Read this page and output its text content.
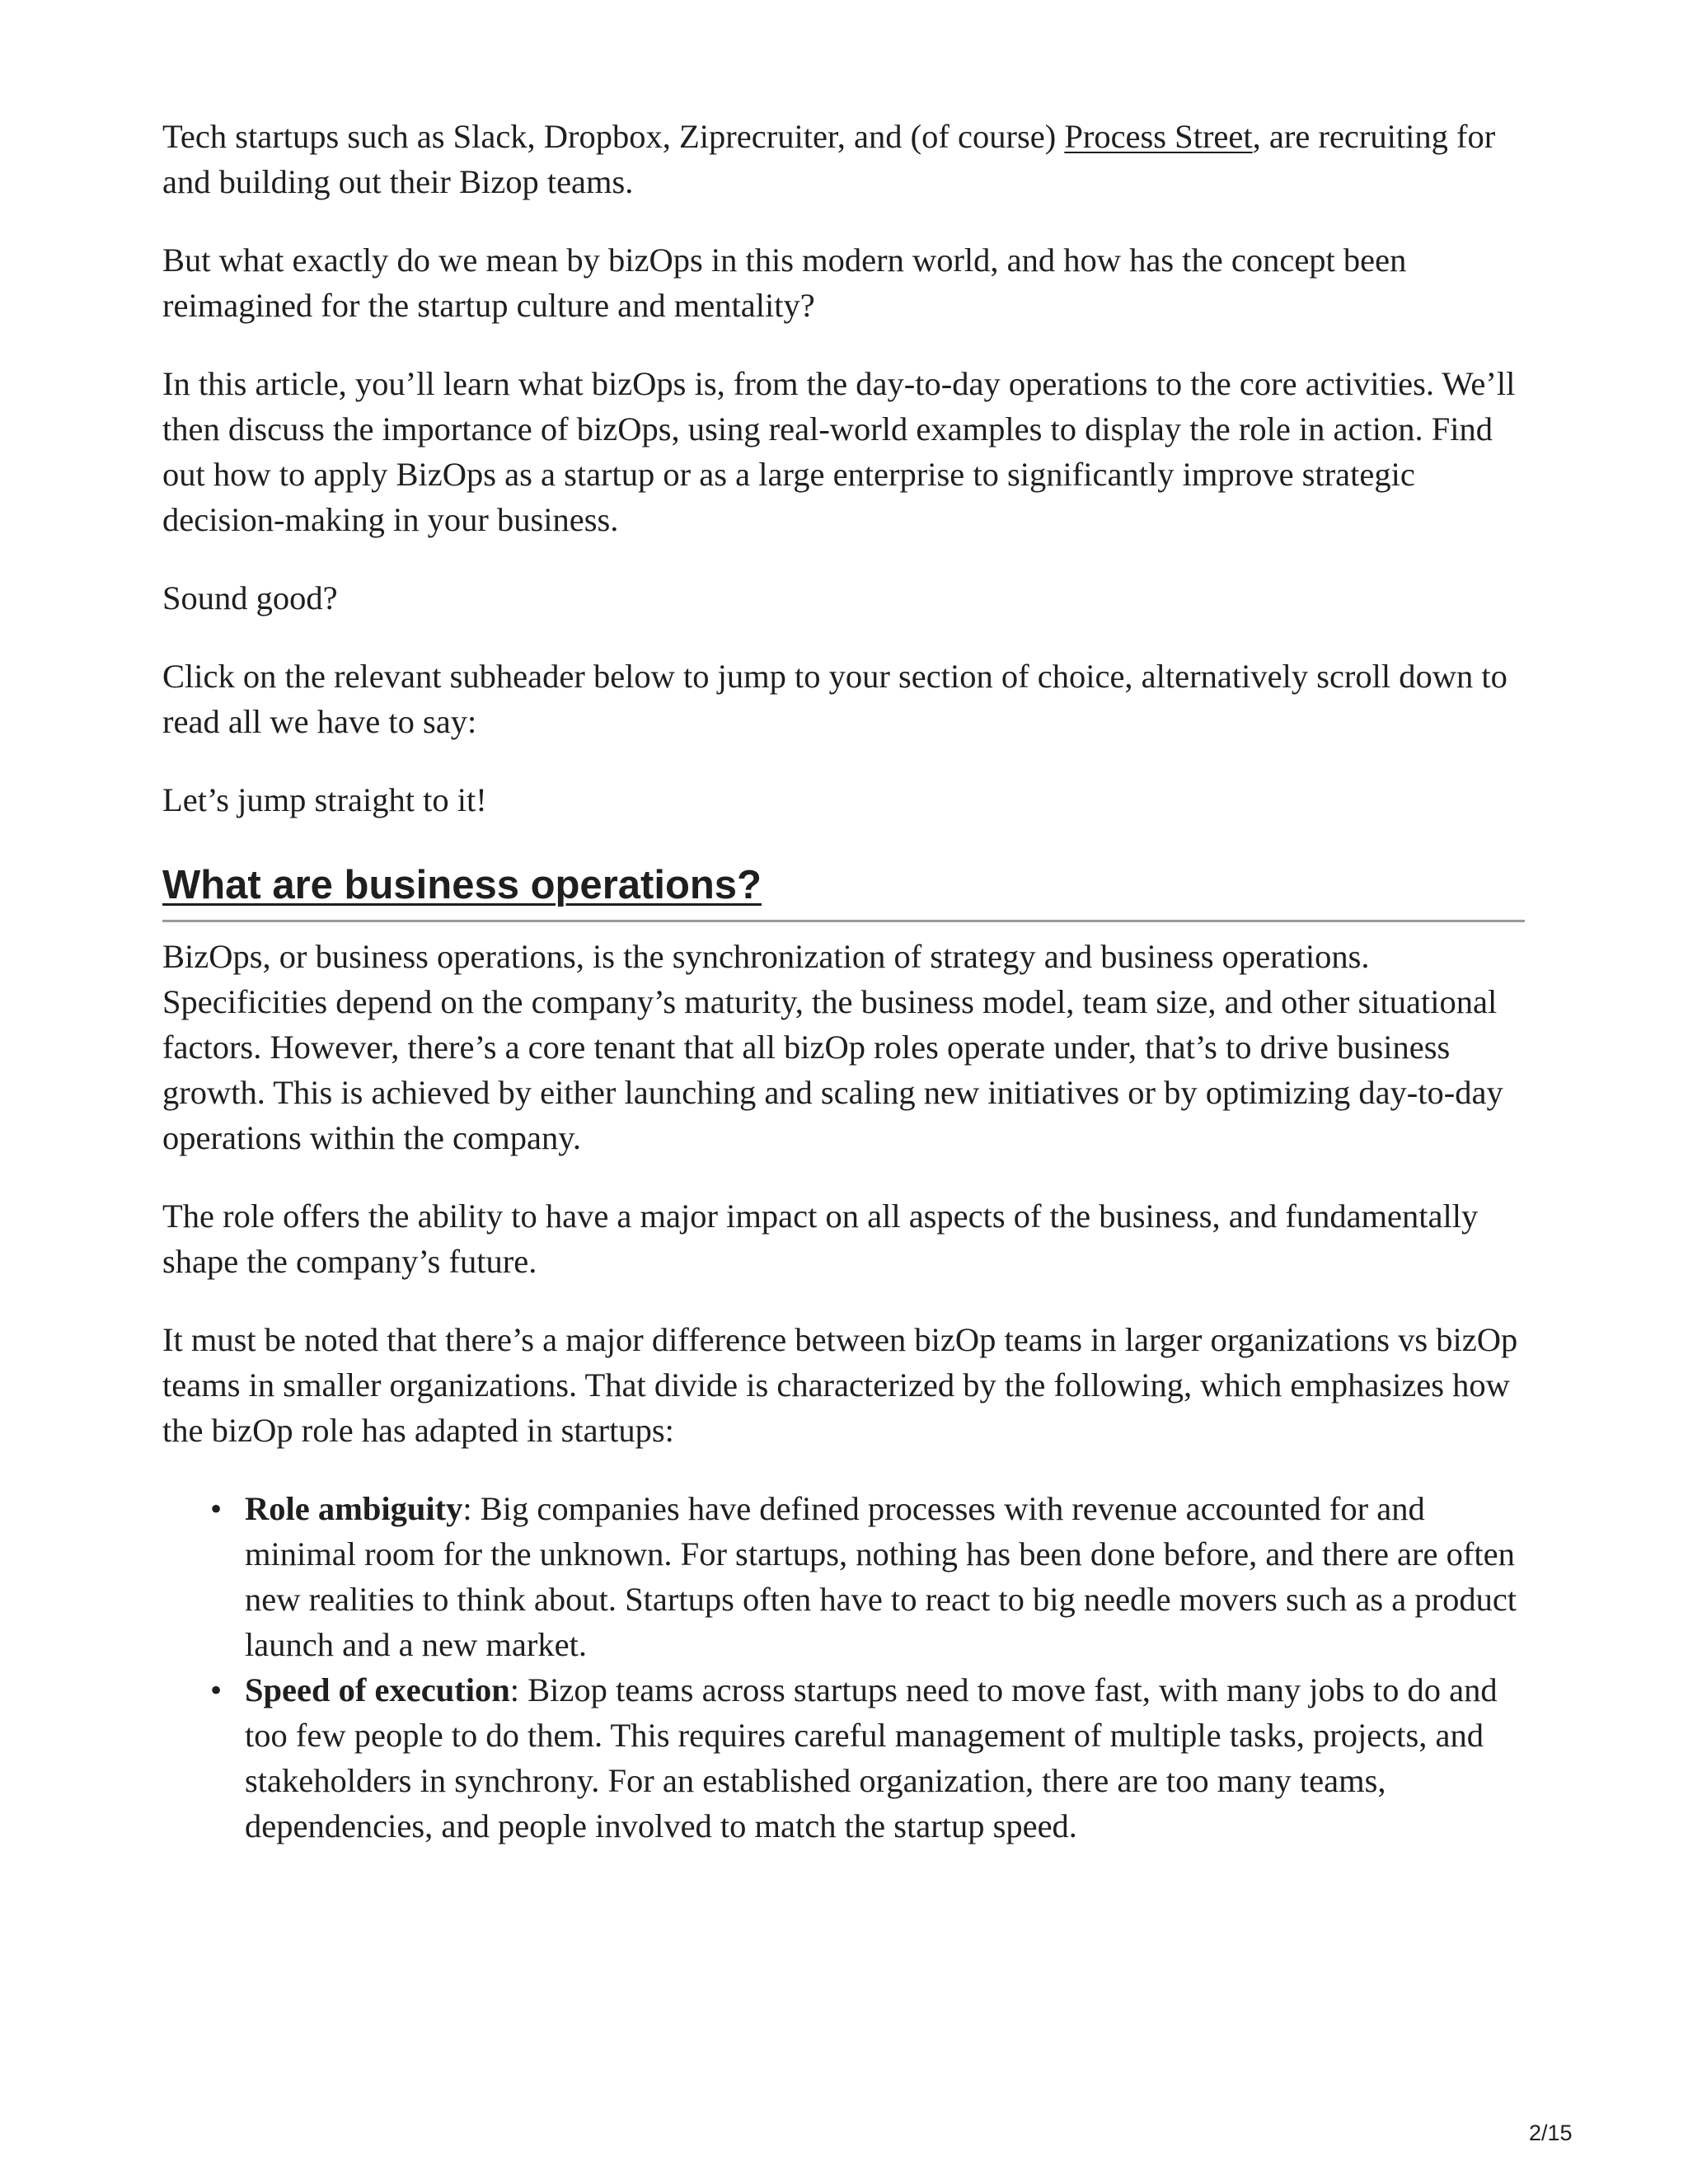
Tech startups such as Slack, Dropbox, Ziprecruiter, and (of course) Process Street, are recruiting for and building out their Bizop teams.

But what exactly do we mean by bizOps in this modern world, and how has the concept been reimagined for the startup culture and mentality?

In this article, you’ll learn what bizOps is, from the day-to-day operations to the core activities. We’ll then discuss the importance of bizOps, using real-world examples to display the role in action. Find out how to apply BizOps as a startup or as a large enterprise to significantly improve strategic decision-making in your business.

Sound good?

Click on the relevant subheader below to jump to your section of choice, alternatively scroll down to read all we have to say:

Let’s jump straight to it!

What are business operations?

BizOps, or business operations, is the synchronization of strategy and business operations. Specificities depend on the company’s maturity, the business model, team size, and other situational factors. However, there’s a core tenant that all bizOp roles operate under, that’s to drive business growth. This is achieved by either launching and scaling new initiatives or by optimizing day-to-day operations within the company.

The role offers the ability to have a major impact on all aspects of the business, and fundamentally shape the company’s future.

It must be noted that there’s a major difference between bizOp teams in larger organizations vs bizOp teams in smaller organizations. That divide is characterized by the following, which emphasizes how the bizOp role has adapted in startups:

• Role ambiguity: Big companies have defined processes with revenue accounted for and minimal room for the unknown. For startups, nothing has been done before, and there are often new realities to think about. Startups often have to react to big needle movers such as a product launch and a new market.
• Speed of execution: Bizop teams across startups need to move fast, with many jobs to do and too few people to do them. This requires careful management of multiple tasks, projects, and stakeholders in synchrony. For an established organization, there are too many teams, dependencies, and people involved to match the startup speed.
2/15
